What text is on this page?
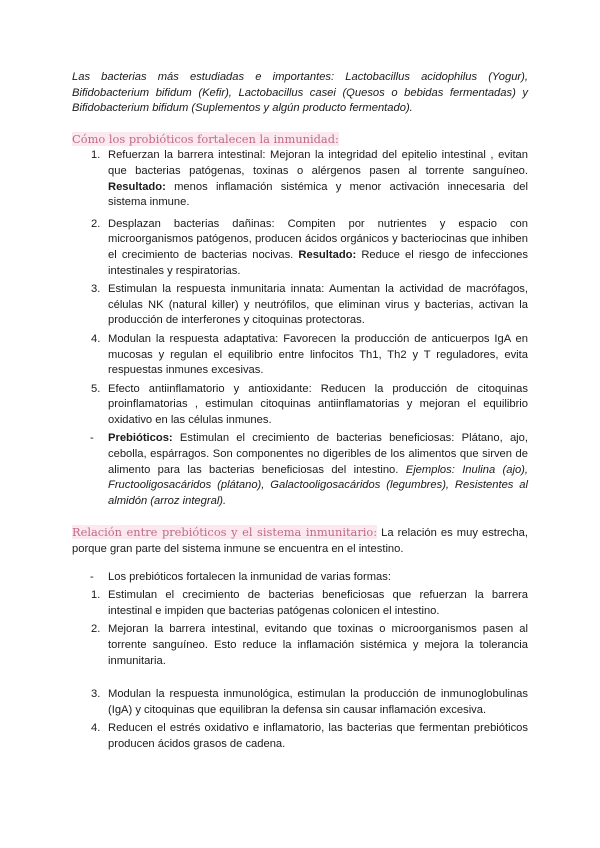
Las bacterias más estudiadas e importantes: Lactobacillus acidophilus (Yogur), Bifidobacterium bifidum (Kefir), Lactobacillus casei (Quesos o bebidas fermentadas) y Bifidobacterium bifidum (Suplementos y algún producto fermentado).

Cómo los probióticos fortalecen la inmunidad:
1. Refuerzan la barrera intestinal: Mejoran la integridad del epitelio intestinal , evitan que bacterias patógenas, toxinas o alérgenos pasen al torrente sanguíneo. Resultado: menos inflamación sistémica y menor activación innecesaria del sistema inmune.
2. Desplazan bacterias dañinas: Compiten por nutrientes y espacio con microorganismos patógenos, producen ácidos orgánicos y bacteriocinas que inhiben el crecimiento de bacterias nocivas. Resultado: Reduce el riesgo de infecciones intestinales y respiratorias.
3. Estimulan la respuesta inmunitaria innata: Aumentan la actividad de macrófagos, células NK (natural killer) y neutrófilos, que eliminan virus y bacterias, activan la producción de interferones y citoquinas protectoras.
4. Modulan la respuesta adaptativa: Favorecen la producción de anticuerpos IgA en mucosas y regulan el equilibrio entre linfocitos Th1, Th2 y T reguladores, evita respuestas inmunes excesivas.
5. Efecto antiinflamatorio y antioxidante: Reducen la producción de citoquinas proinflamatorias , estimulan citoquinas antiinflamatorias y mejoran el equilibrio oxidativo en las células inmunes.
- Prebióticos: Estimulan el crecimiento de bacterias beneficiosas: Plátano, ajo, cebolla, espárragos. Son componentes no digeribles de los alimentos que sirven de alimento para las bacterias beneficiosas del intestino. Ejemplos: Inulina (ajo), Fructooligosacáridos (plátano), Galactooligosacáridos (legumbres), Resistentes al almidón (arroz integral).

Relación entre prebióticos y el sistema inmunitario: La relación es muy estrecha, porque gran parte del sistema inmune se encuentra en el intestino.

- Los prebióticos fortalecen la inmunidad de varias formas:
1. Estimulan el crecimiento de bacterias beneficiosas que refuerzan la barrera intestinal e impiden que bacterias patógenas colonicen el intestino.
2. Mejoran la barrera intestinal, evitando que toxinas o microorganismos pasen al torrente sanguíneo. Esto reduce la inflamación sistémica y mejora la tolerancia inmunitaria.
3. Modulan la respuesta inmunológica, estimulan la producción de inmunoglobulinas (IgA) y citoquinas que equilibran la defensa sin causar inflamación excesiva.
4. Reducen el estrés oxidativo e inflamatorio, las bacterias que fermentan prebióticos producen ácidos grasos de cadena.
